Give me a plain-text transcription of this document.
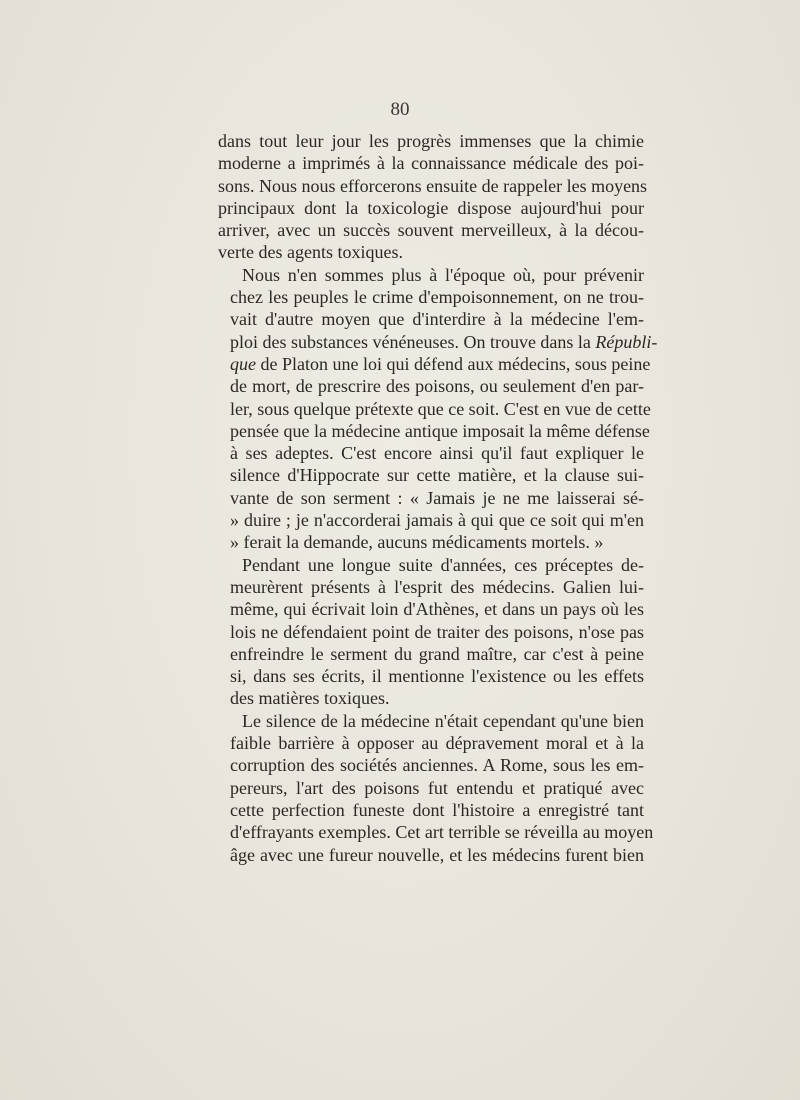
80
dans tout leur jour les progrès immenses que la chimie
moderne a imprimés à la connaissance médicale des poi-
sons. Nous nous efforcerons ensuite de rappeler les moyens
principaux dont la toxicologie dispose aujourd'hui pour
arriver, avec un succès souvent merveilleux, à la décou-
verte des agents toxiques.
Nous n'en sommes plus à l'époque où, pour prévenir
chez les peuples le crime d'empoisonnement, on ne trou-
vait d'autre moyen que d'interdire à la médecine l'em-
ploi des substances vénéneuses. On trouve dans la Républi-
que de Platon une loi qui défend aux médecins, sous peine
de mort, de prescrire des poisons, ou seulement d'en par-
ler, sous quelque prétexte que ce soit. C'est en vue de cette
pensée que la médecine antique imposait la même défense
à ses adeptes. C'est encore ainsi qu'il faut expliquer le
silence d'Hippocrate sur cette matière, et la clause sui-
vante de son serment : « Jamais je ne me laisserai sé-
» duire ; je n'accorderai jamais à qui que ce soit qui m'en
» ferait la demande, aucuns médicaments mortels. »
Pendant une longue suite d'années, ces préceptes de-
meurèrent présents à l'esprit des médecins. Galien lui-
même, qui écrivait loin d'Athènes, et dans un pays où les
lois ne défendaient point de traiter des poisons, n'ose pas
enfreindre le serment du grand maître, car c'est à peine
si, dans ses écrits, il mentionne l'existence ou les effets
des matières toxiques.
Le silence de la médecine n'était cependant qu'une bien
faible barrière à opposer au dépravement moral et à la
corruption des sociétés anciennes. A Rome, sous les em-
pereurs, l'art des poisons fut entendu et pratiqué avec
cette perfection funeste dont l'histoire a enregistré tant
d'effrayants exemples. Cet art terrible se réveilla au moyen
âge avec une fureur nouvelle, et les médecins furent bien
